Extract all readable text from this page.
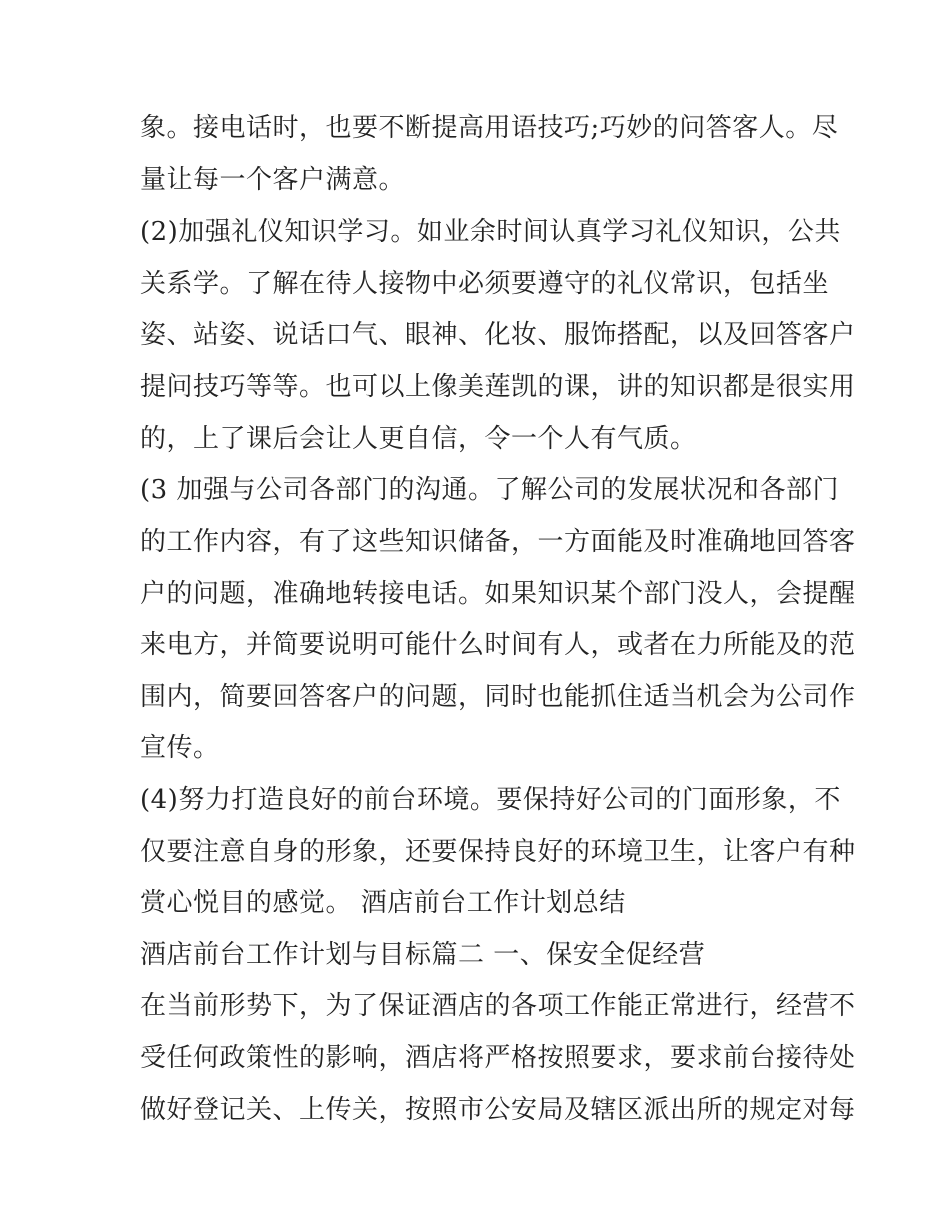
象。接电话时，也要不断提高用语技巧;巧妙的问答客人。尽
量让每一个客户满意。
(2)加强礼仪知识学习。如业余时间认真学习礼仪知识，公共
关系学。了解在待人接物中必须要遵守的礼仪常识，包括坐
姿、站姿、说话口气、眼神、化妆、服饰搭配，以及回答客户
提问技巧等等。也可以上像美莲凯的课，讲的知识都是很实用
的，上了课后会让人更自信，令一个人有气质。
(3 加强与公司各部门的沟通。了解公司的发展状况和各部门
的工作内容，有了这些知识储备，一方面能及时准确地回答客
户的问题，准确地转接电话。如果知识某个部门没人，会提醒
来电方，并简要说明可能什么时间有人，或者在力所能及的范
围内，简要回答客户的问题，同时也能抓住适当机会为公司作
宣传。
(4)努力打造良好的前台环境。要保持好公司的门面形象，不
仅要注意自身的形象，还要保持良好的环境卫生，让客户有种
赏心悦目的感觉。 酒店前台工作计划总结
酒店前台工作计划与目标篇二 一、保安全促经营
在当前形势下，为了保证酒店的各项工作能正常进行，经营不
受任何政策性的影响，酒店将严格按照要求，要求前台接待处
做好登记关、上传关，按照市公安局及辖区派出所的规定对每
